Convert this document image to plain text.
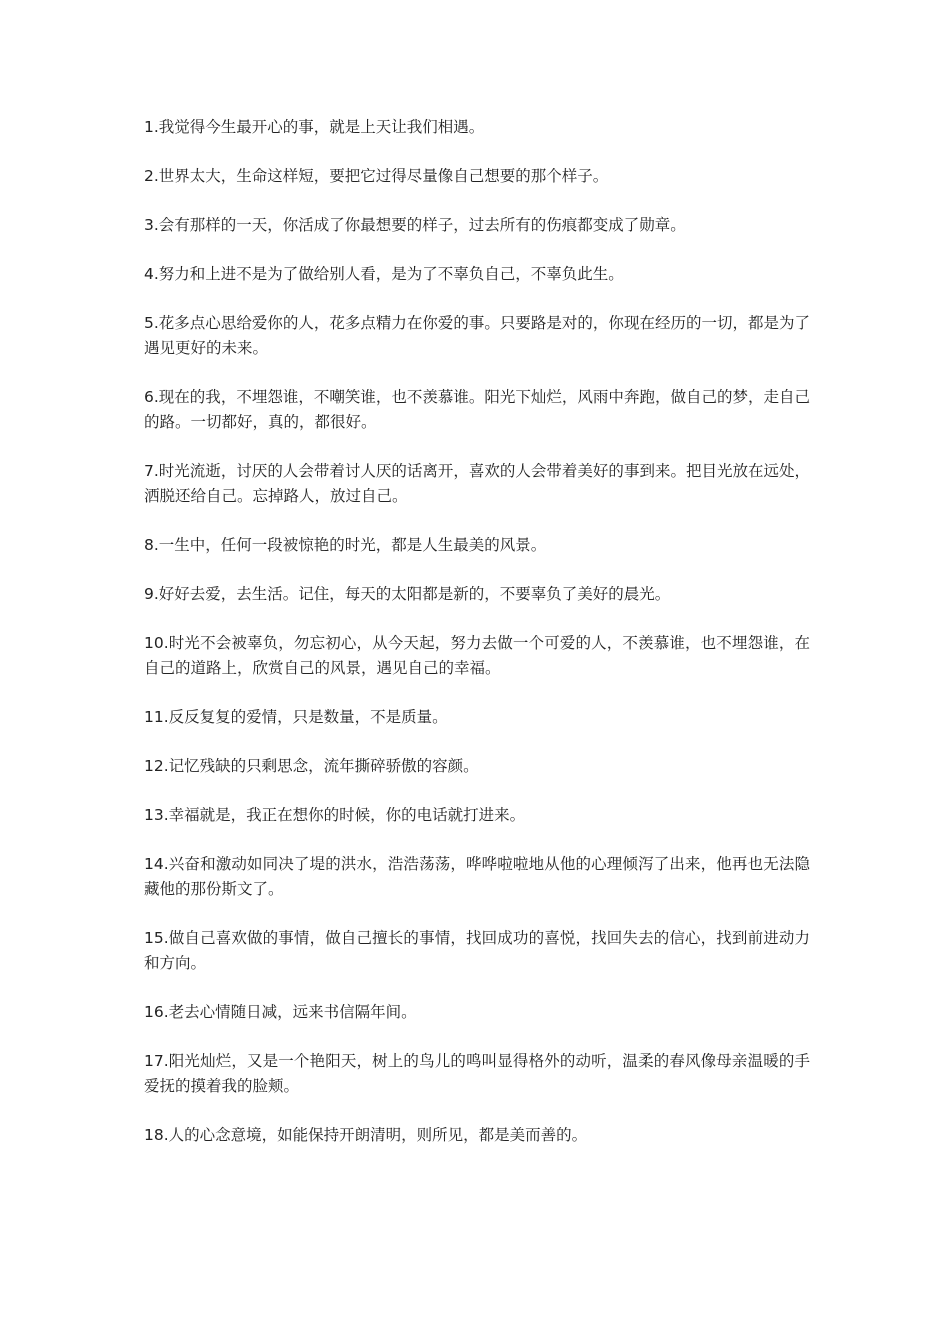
1.我觉得今生最开心的事，就是上天让我们相遇。

2.世界太大，生命这样短，要把它过得尽量像自己想要的那个样子。

3.会有那样的一天，你活成了你最想要的样子，过去所有的伤痕都变成了勋章。

4.努力和上进不是为了做给别人看，是为了不辜负自己，不辜负此生。

5.花多点心思给爱你的人，花多点精力在你爱的事。只要路是对的，你现在经历的一切，都是为了遇见更好的未来。

6.现在的我，不埋怨谁，不嘲笑谁，也不羡慕谁。阳光下灿烂，风雨中奔跑，做自己的梦，走自己的路。一切都好，真的，都很好。

7.时光流逝，讨厌的人会带着讨人厌的话离开，喜欢的人会带着美好的事到来。把目光放在远处，洒脱还给自己。忘掉路人，放过自己。

8.一生中，任何一段被惊艳的时光，都是人生最美的风景。

9.好好去爱，去生活。记住，每天的太阳都是新的，不要辜负了美好的晨光。

10.时光不会被辜负，勿忘初心，从今天起，努力去做一个可爱的人，不羡慕谁，也不埋怨谁，在自己的道路上，欣赏自己的风景，遇见自己的幸福。

11.反反复复的爱情，只是数量，不是质量。

12.记忆残缺的只剩思念，流年撕碎骄傲的容颜。

13.幸福就是，我正在想你的时候，你的电话就打进来。

14.兴奋和激动如同决了堤的洪水，浩浩荡荡，哗哗啦啦地从他的心理倾泻了出来，他再也无法隐藏他的那份斯文了。

15.做自己喜欢做的事情，做自己擅长的事情，找回成功的喜悦，找回失去的信心，找到前进动力和方向。

16.老去心情随日减，远来书信隔年间。

17.阳光灿烂，又是一个艳阳天，树上的鸟儿的鸣叫显得格外的动听，温柔的春风像母亲温暖的手爱抚的摸着我的脸颊。

18.人的心念意境，如能保持开朗清明，则所见，都是美而善的。
